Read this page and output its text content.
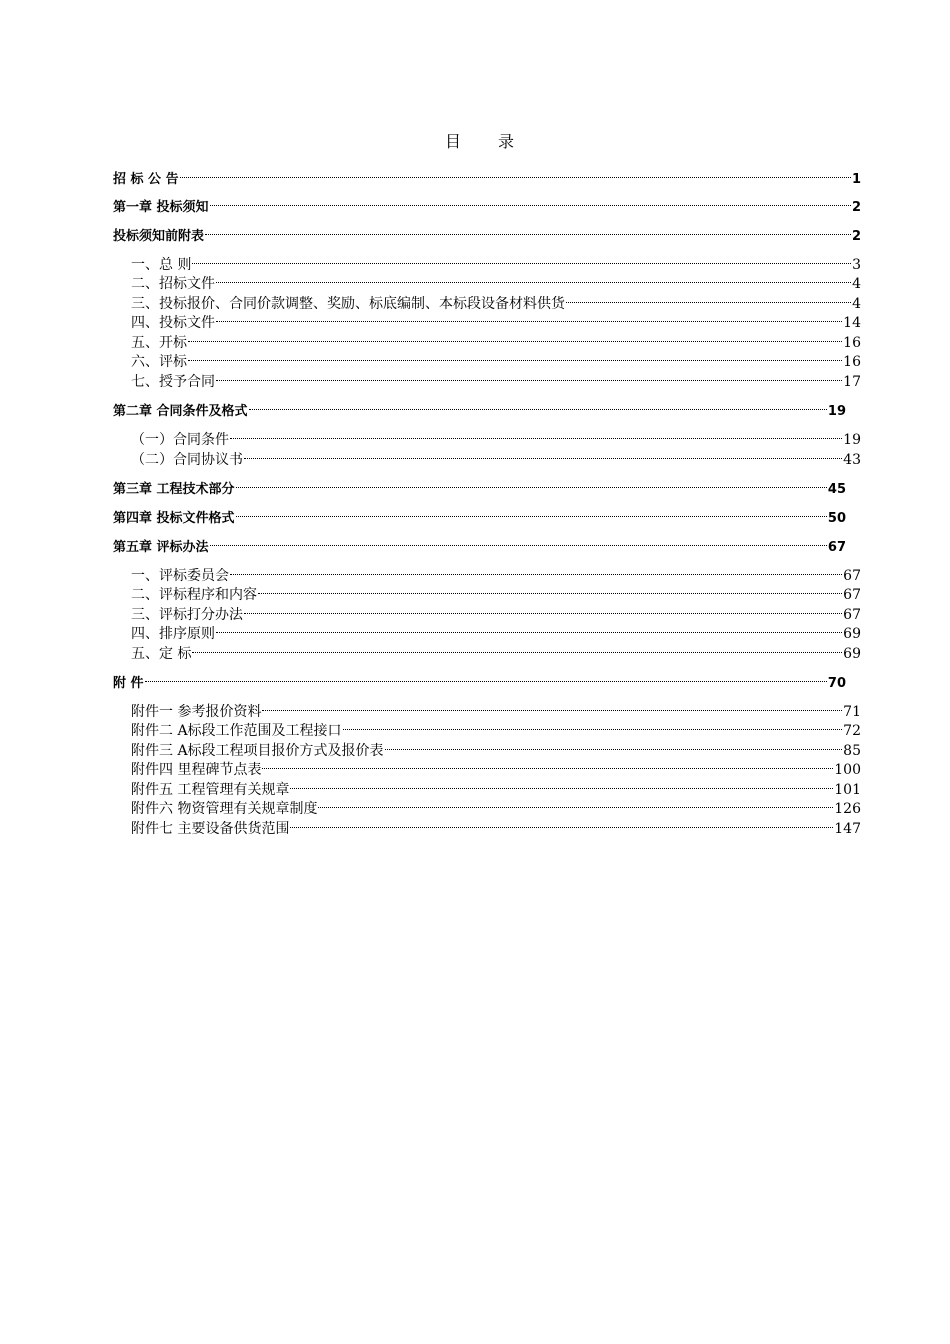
目 录
招 标 公 告	1
第一章 投标须知	2
投标须知前附表	2
一、总 则	3
二、招标文件	4
三、投标报价、合同价款调整、奖励、标底编制、本标段设备材料供货	4
四、投标文件	14
五、开标	16
六、评标	16
七、授予合同	17
第二章 合同条件及格式	19
（一）合同条件	19
（二）合同协议书	43
第三章 工程技术部分	45
第四章 投标文件格式	50
第五章 评标办法	67
一、评标委员会	67
二、评标程序和内容	67
三、评标打分办法	67
四、排序原则	69
五、定 标	69
附 件	70
附件一 参考报价资料	71
附件二 A标段工作范围及工程接口	72
附件三 A标段工程项目报价方式及报价表	85
附件四 里程碑节点表	100
附件五 工程管理有关规章	101
附件六 物资管理有关规章制度	126
附件七 主要设备供货范围	147
